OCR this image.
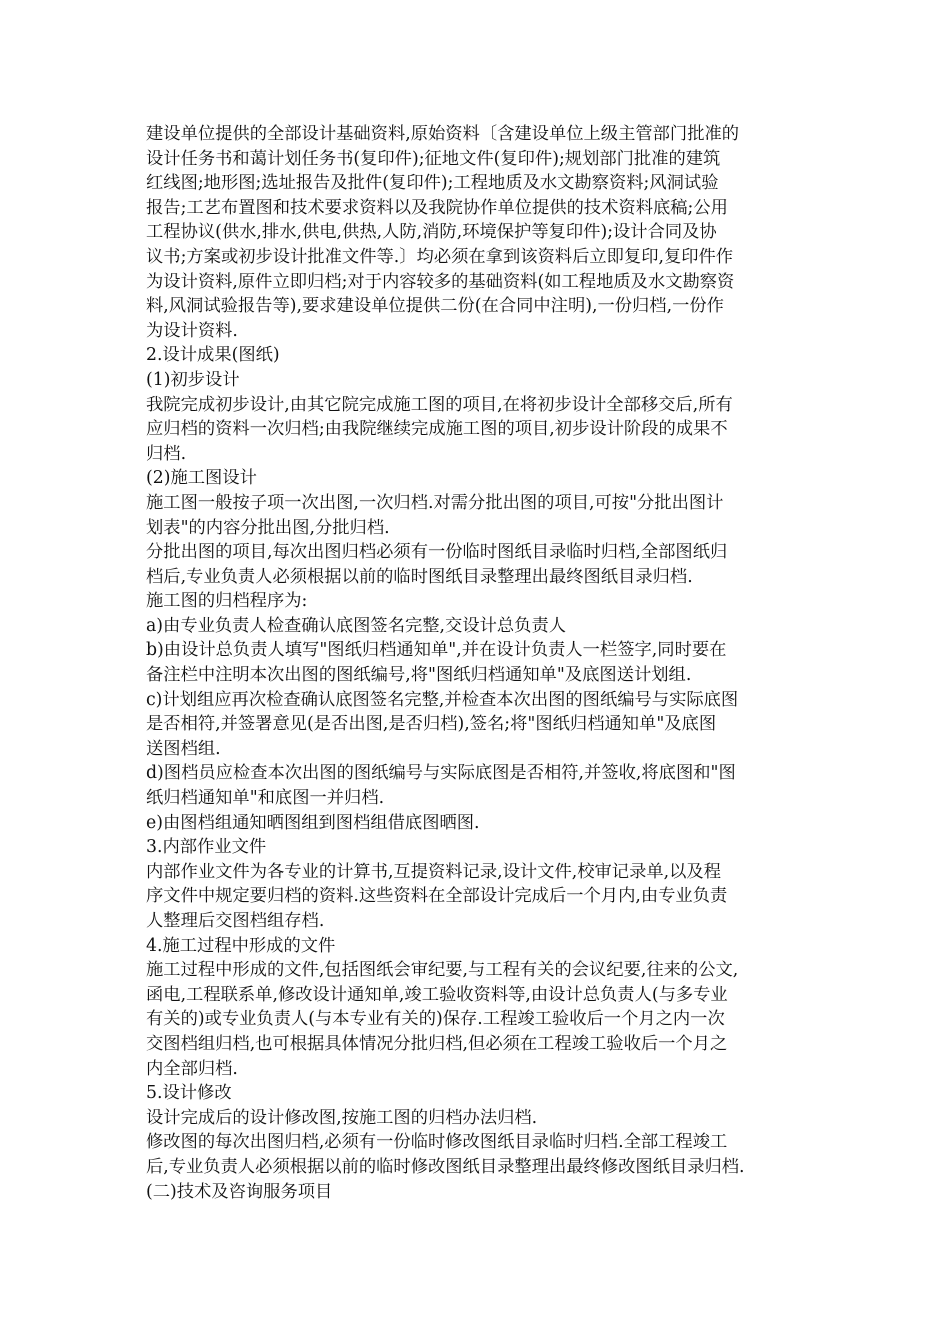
建设单位提供的全部设计基础资料,原始资料〔含建设单位上级主管部门批准的
设计任务书和蔼计划任务书(复印件);征地文件(复印件);规划部门批准的建筑
红线图;地形图;选址报告及批件(复印件);工程地质及水文勘察资料;风洞试验
报告;工艺布置图和技术要求资料以及我院协作单位提供的技术资料底稿;公用
工程协议(供水,排水,供电,供热,人防,消防,环境保护等复印件);设计合同及协
议书;方案或初步设计批准文件等.〕均必须在拿到该资料后立即复印,复印件作
为设计资料,原件立即归档;对于内容较多的基础资料(如工程地质及水文勘察资
料,风洞试验报告等),要求建设单位提供二份(在合同中注明),一份归档,一份作
为设计资料.
2.设计成果(图纸)
(1)初步设计
我院完成初步设计,由其它院完成施工图的项目,在将初步设计全部移交后,所有
应归档的资料一次归档;由我院继续完成施工图的项目,初步设计阶段的成果不
归档.
(2)施工图设计
施工图一般按子项一次出图,一次归档.对需分批出图的项目,可按"分批出图计
划表"的内容分批出图,分批归档.
分批出图的项目,每次出图归档必须有一份临时图纸目录临时归档,全部图纸归
档后,专业负责人必须根据以前的临时图纸目录整理出最终图纸目录归档.
施工图的归档程序为:
a)由专业负责人检查确认底图签名完整,交设计总负责人
b)由设计总负责人填写"图纸归档通知单",并在设计负责人一栏签字,同时要在
备注栏中注明本次出图的图纸编号,将"图纸归档通知单"及底图送计划组.
c)计划组应再次检查确认底图签名完整,并检查本次出图的图纸编号与实际底图
是否相符,并签署意见(是否出图,是否归档),签名;将"图纸归档通知单"及底图
送图档组.
d)图档员应检查本次出图的图纸编号与实际底图是否相符,并签收,将底图和"图
纸归档通知单"和底图一并归档.
e)由图档组通知晒图组到图档组借底图晒图.
3.内部作业文件
内部作业文件为各专业的计算书,互提资料记录,设计文件,校审记录单,以及程
序文件中规定要归档的资料.这些资料在全部设计完成后一个月内,由专业负责
人整理后交图档组存档.
4.施工过程中形成的文件
施工过程中形成的文件,包括图纸会审纪要,与工程有关的会议纪要,往来的公文,
函电,工程联系单,修改设计通知单,竣工验收资料等,由设计总负责人(与多专业
有关的)或专业负责人(与本专业有关的)保存.工程竣工验收后一个月之内一次
交图档组归档,也可根据具体情况分批归档,但必须在工程竣工验收后一个月之
内全部归档.
5.设计修改
设计完成后的设计修改图,按施工图的归档办法归档.
修改图的每次出图归档,必须有一份临时修改图纸目录临时归档.全部工程竣工
后,专业负责人必须根据以前的临时修改图纸目录整理出最终修改图纸目录归档.
(二)技术及咨询服务项目
